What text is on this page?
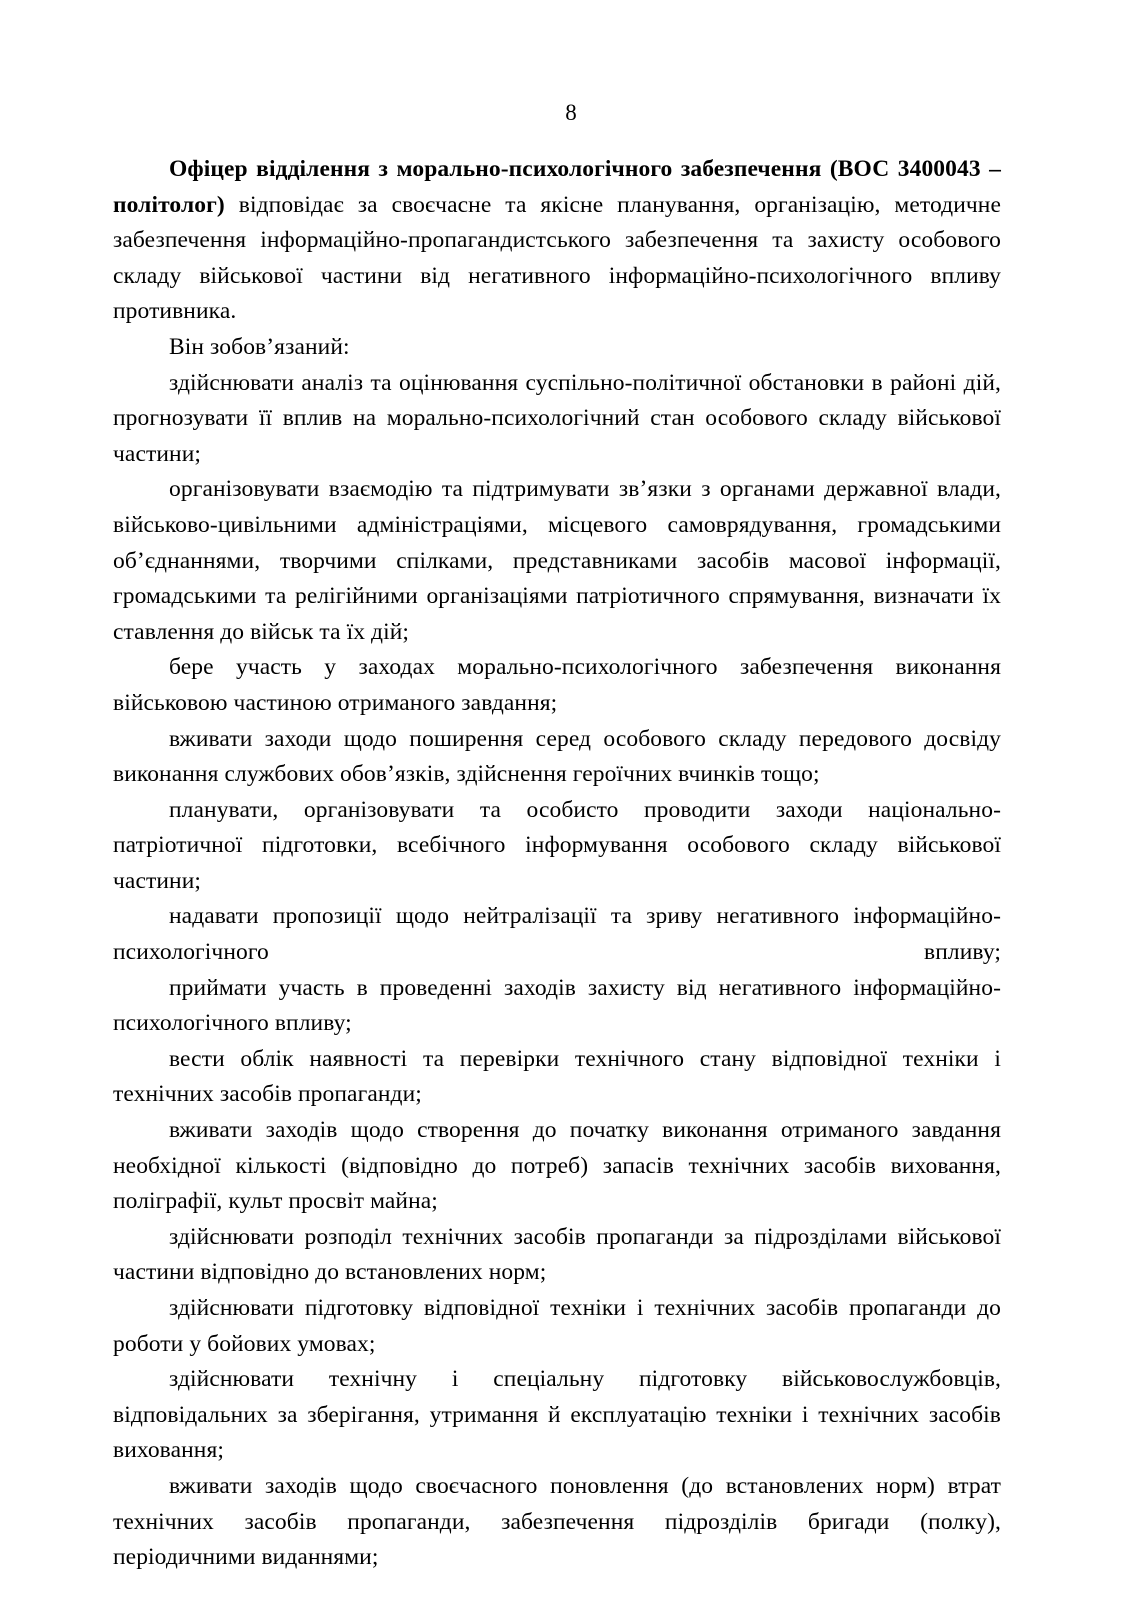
8

Офіцер відділення з морально-психологічного забезпечення (ВОС 3400043 – політолог) відповідає за своєчасне та якісне планування, організацію, методичне забезпечення інформаційно-пропагандистського забезпечення та захисту особового складу військової частини від негативного інформаційно-психологічного впливу противника.

Він зобов’язаний:

здійснювати аналіз та оцінювання суспільно-політичної обстановки в районі дій, прогнозувати її вплив на морально-психологічний стан особового складу військової частини;

організовувати взаємодію та підтримувати зв’язки з органами державної влади, військово-цивільними адміністраціями, місцевого самоврядування, громадськими об’єднаннями, творчими спілками, представниками засобів масової інформації, громадськими та релігійними організаціями патріотичного спрямування, визначати їх ставлення до військ та їх дій;

бере участь у заходах морально-психологічного забезпечення виконання військовою частиною отриманого завдання;

вживати заходи щодо поширення серед особового складу передового досвіду виконання службових обов’язків, здійснення героїчних вчинків тощо;

планувати, організовувати та особисто проводити заходи національно-патріотичної підготовки, всебічного інформування особового складу військової частини;

надавати пропозиції щодо нейтралізації та зриву негативного інформаційно-психологічного впливу;

приймати участь в проведенні заходів захисту від негативного інформаційно-психологічного впливу;

вести облік наявності та перевірки технічного стану відповідної техніки і технічних засобів пропаганди;

вживати заходів щодо створення до початку виконання отриманого завдання необхідної кількості (відповідно до потреб) запасів технічних засобів виховання, поліграфії, культ просвіт майна;

здійснювати розподіл технічних засобів пропаганди за підрозділами військової частини відповідно до встановлених норм;

здійснювати підготовку відповідної техніки і технічних засобів пропаганди до роботи у бойових умовах;

здійснювати технічну і спеціальну підготовку військовослужбовців, відповідальних за зберігання, утримання й експлуатацію техніки і технічних засобів виховання;

вживати заходів щодо своєчасного поновлення (до встановлених норм) втрат технічних засобів пропаганди, забезпечення підрозділів бригади (полку), періодичними виданнями;
